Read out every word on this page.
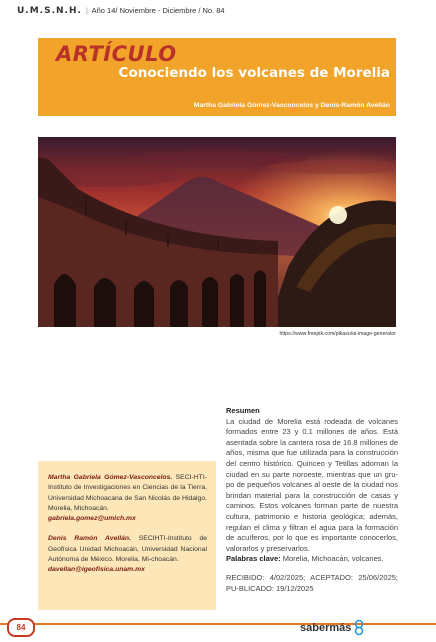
U.M.S.N.H. | Año 14/ Noviembre - Diciembre / No. 84
ARTÍCULO
Conociendo los volcanes de Morelia
Martha Gabriela Gómez-Vasconcelos y Denis-Ramón Avellán
https://www.freepik.com/pikaso/ai-image-generator
Resumen
La ciudad de Morelia está rodeada de volcanes formados entre 23 y 0.1 millones de años. Está asentada sobre la cantera rosa de 16.8 millones de años, misma que fue utilizada para la construcción del centro histórico. Quinceo y Tetillas adornan la ciudad en su parte noroeste, mientras que un gru-po de pequeños volcanes al oeste de la ciudad nos brindan material para la construcción de casas y caminos. Estos volcanes forman parte de nuestra cultura, patrimonio e historia geológica; además, regulan el clima y filtran el agua para la formación de acuíferos, por lo que es importante conocerlos, valorarlos y preservarlos.
Palabras clave: Morelia, Michoacán, volcanes.
RECIBIDO: 4/02/2025; ACEPTADO: 25/06/2025; PU-BLICADO: 19/12/2025

Martha Gabriela Gómez-Vasconcelos. SECI-HTI-Instituto de Investigaciones en Ciencias de la Tierra, Universidad Michoacana de San Nicolás de Hidalgo. Morelia, Michoacán.
gabriela.gomez@umich.mx

Denis Ramón Avellán. SECIHTI-Instituto de Geofísica Unidad Michoacán, Universidad Nacional Autónoma de México. Morelia, Mi-choacán.
davellan@igeofisica.unam.mx

84	sabermás
